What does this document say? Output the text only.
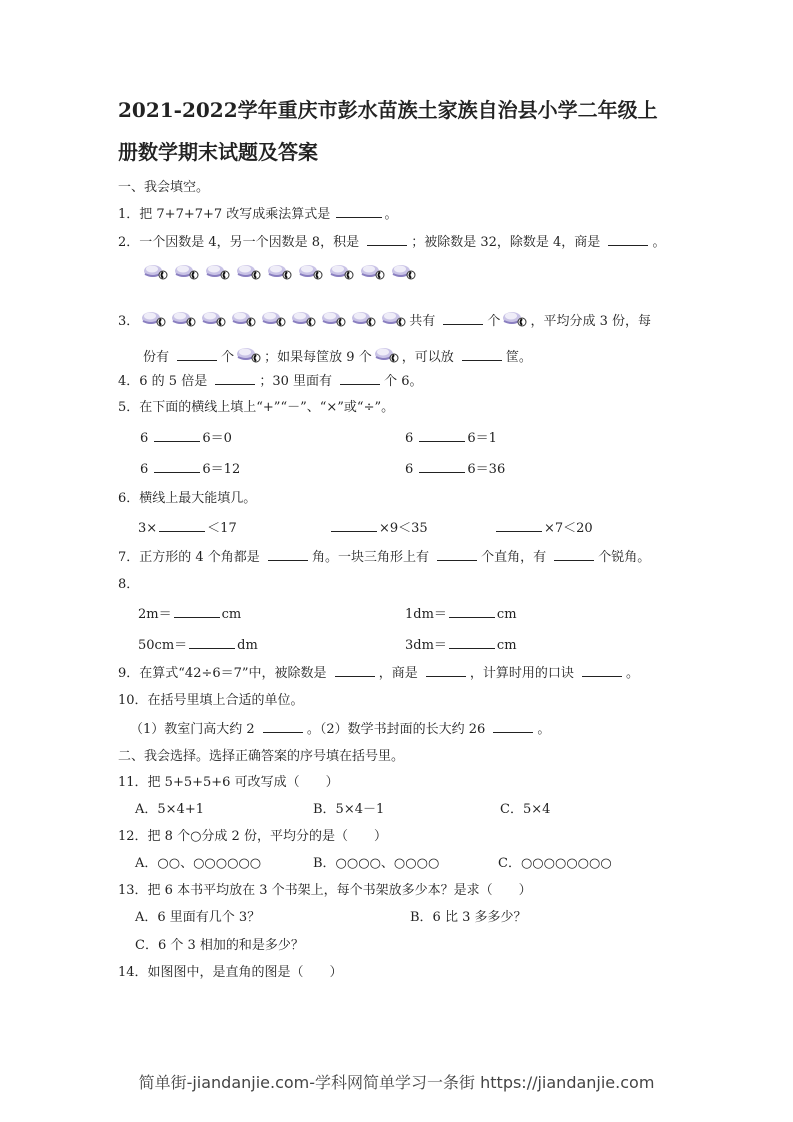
2021-2022学年重庆市彭水苗族土家族自治县小学二年级上
册数学期末试题及答案
一、我会填空。
1．把 7+7+7+7 改写成乘法算式是	。
2．一个因数是 4，另一个因数是 8，积是	；被除数是 32，除数是 4，商是	。
3．	共有	个 ，平均分成 3 份，每
份有	个 ；如果每筐放 9 个 ，可以放	筐。
4．6 的 5 倍是	；30 里面有	个 6。
5．在下面的横线上填上“+”“－”、“×”或“÷”。
6	6＝0	6	6＝1
6	6＝12	6	6＝36
6．横线上最大能填几。
3×	＜17	×9＜35	×7＜20
7．正方形的 4 个角都是	角。一块三角形上有	个直角，有	个锐角。
8．
2m＝	cm	1dm＝	cm
50cm＝	dm	3dm＝	cm
9．在算式“42÷6＝7”中，被除数是	，商是	，计算时用的口诀	。
10．在括号里填上合适的单位。
（1）教室门高大约 2	。（2）数学书封面的长大约 26	。
二、我会选择。选择正确答案的序号填在括号里。
11．把 5+5+5+6 可改写成（　　）
A．5×4+1	B．5×4－1	C．5×4
12．把 8 个○分成 2 份，平均分的是（　　）
A．○○、○○○○○○	B．○○○○、○○○○	C．○○○○○○○○
13．把 6 本书平均放在 3 个书架上，每个书架放多少本？是求（　　）
A．6 里面有几个 3？	B．6 比 3 多多少？
C．6 个 3 相加的和是多少？
14．如图图中，是直角的图是（　　）
简单街-jiandanjie.com-学科网简单学习一条街 https://jiandanjie.com
